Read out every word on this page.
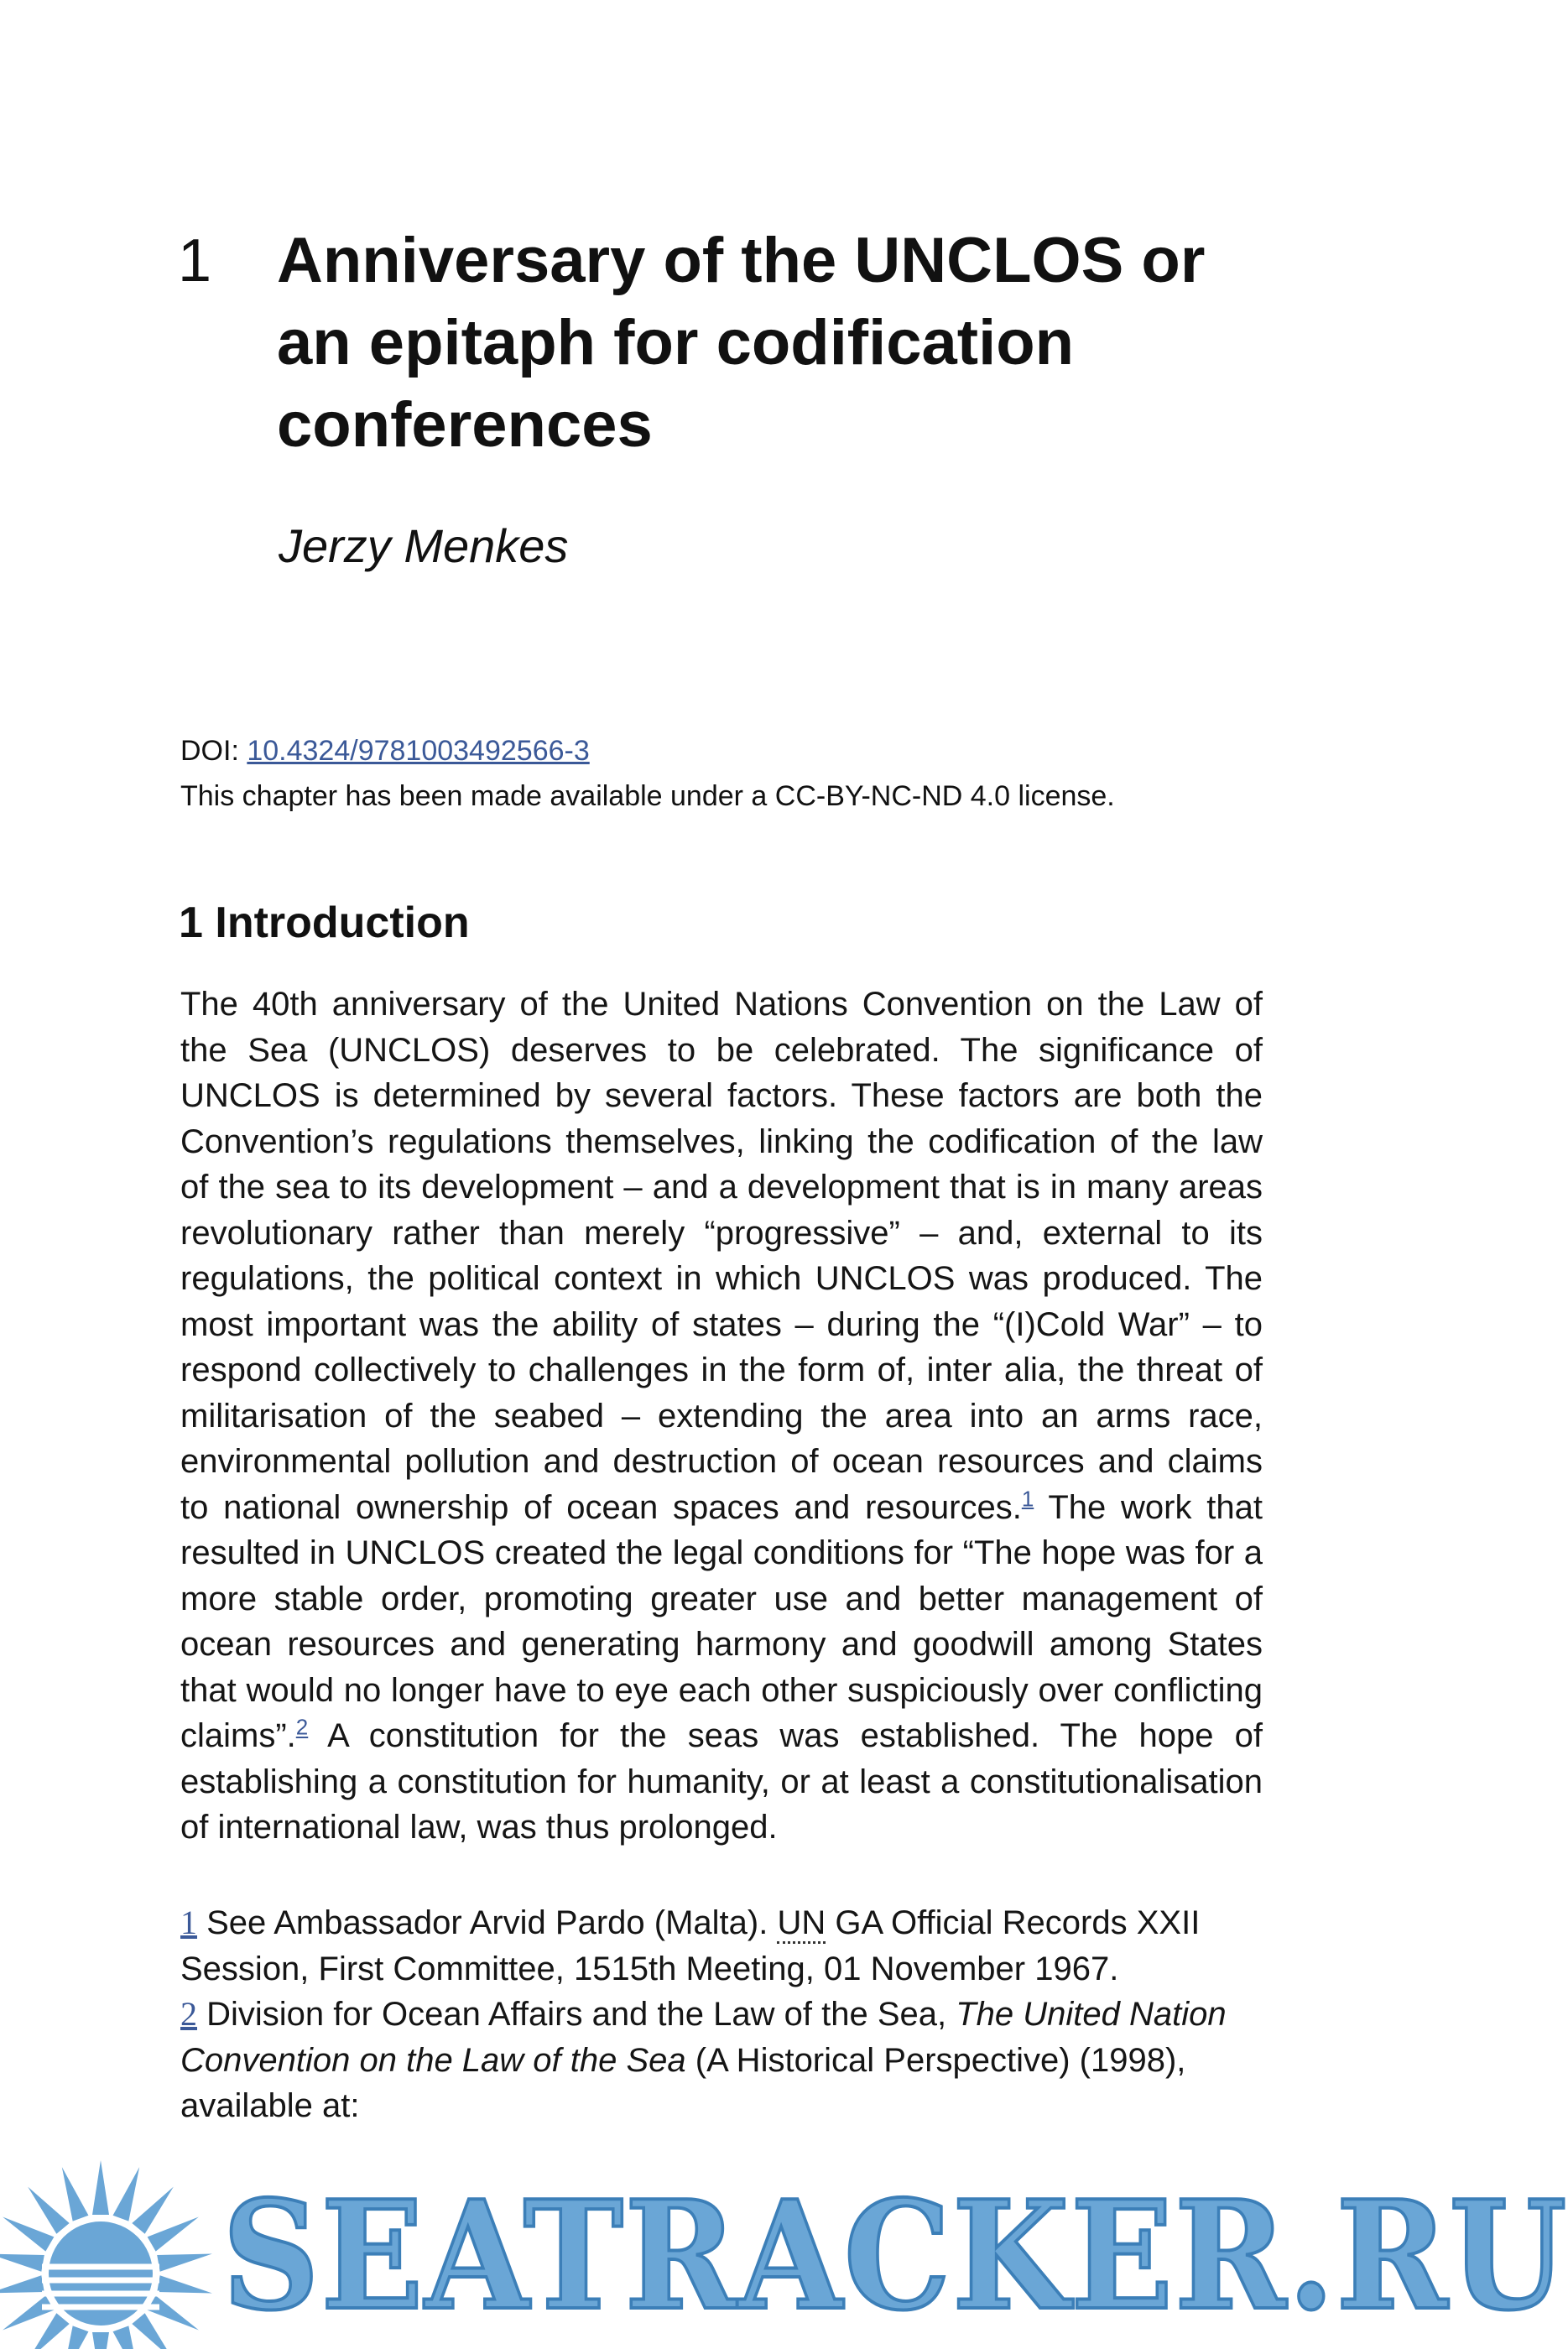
1 Anniversary of the UNCLOS or an epitaph for codification conferences

Jerzy Menkes

DOI: 10.4324/9781003492566-3
This chapter has been made available under a CC-BY-NC-ND 4.0 license.
1 Introduction

The 40th anniversary of the United Nations Convention on the Law of the Sea (UNCLOS) deserves to be celebrated. The significance of UNCLOS is determined by several factors. These factors are both the Convention’s regulations themselves, linking the codification of the law of the sea to its development – and a development that is in many areas revolutionary rather than merely “progressive” – and, external to its regulations, the political context in which UNCLOS was produced. The most important was the ability of states – during the “(I)Cold War” – to respond collectively to challenges in the form of, inter alia, the threat of militarisation of the seabed – extending the area into an arms race, environmental pollution and destruction of ocean resources and claims to national ownership of ocean spaces and resources.$^1$ The work that resulted in UNCLOS created the legal conditions for “The hope was for a more stable order, promoting greater use and better management of ocean resources and generating harmony and goodwill among States that would no longer have to eye each other suspiciously over conflicting claims”.$^2$ A constitution for the seas was established. The hope of establishing a constitution for humanity, or at least a constitutionalisation of international law, was thus prolonged.

1 See Ambassador Arvid Pardo (Malta). UN GA Official Records XXII Session, First Committee, 1515th Meeting, 01 November 1967.

2 Division for Ocean Affairs and the Law of the Sea, The United Nation Convention on the Law of the Sea (A Historical Perspective) (1998), available at:

SEATRACKER.RU
